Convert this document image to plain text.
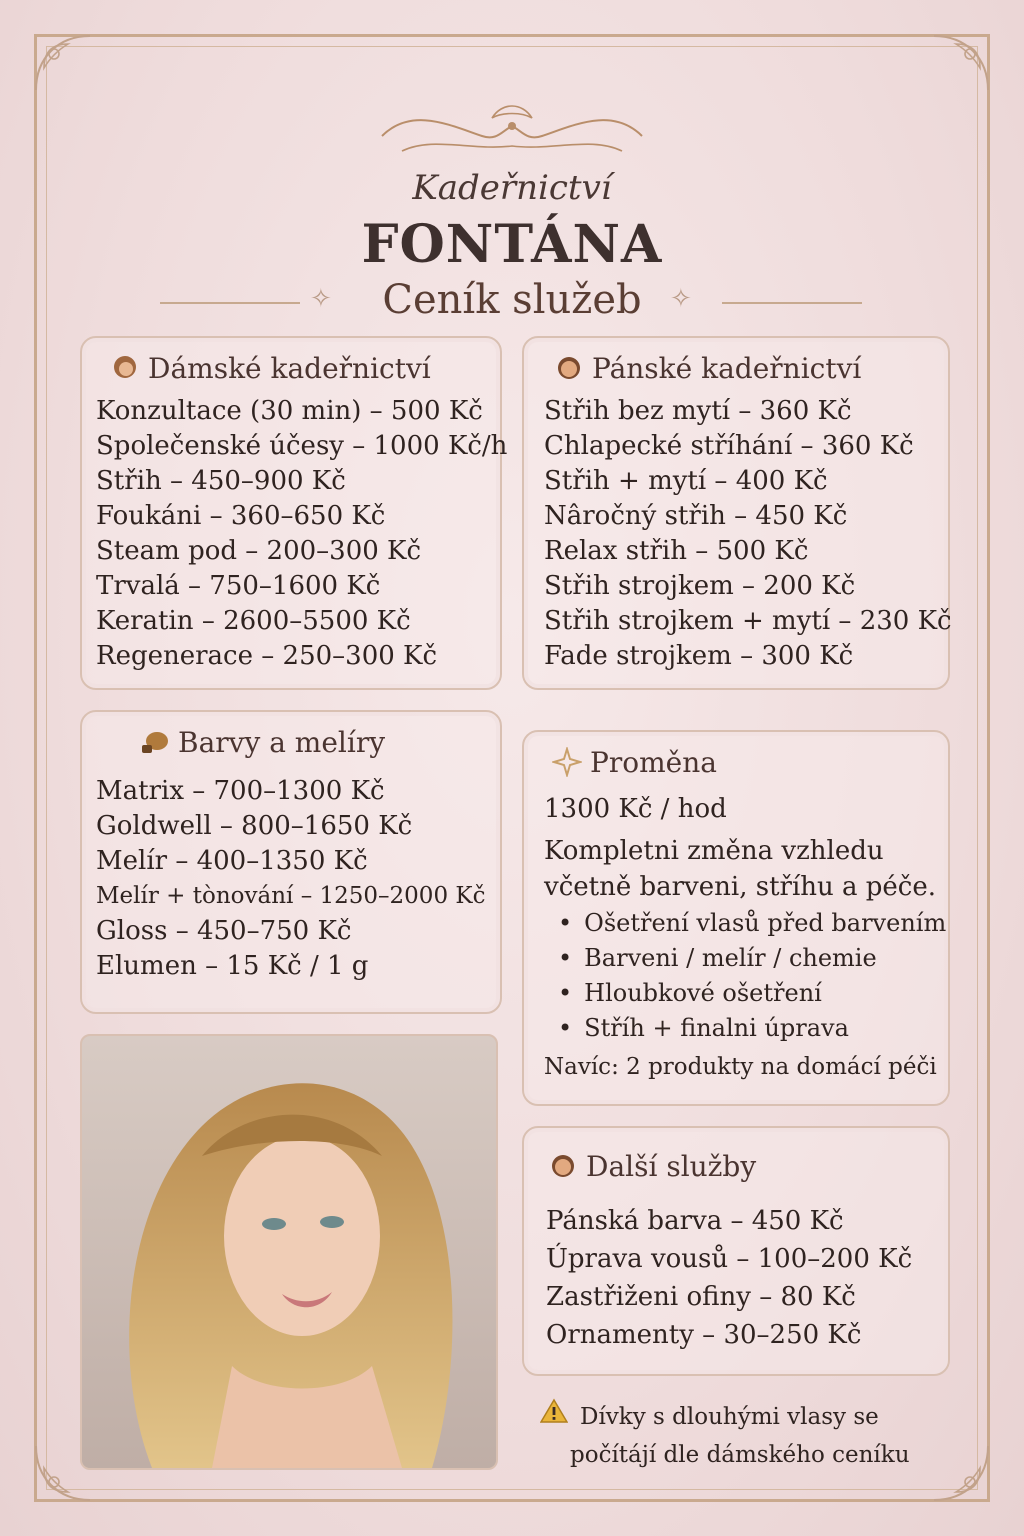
Kadeřnictví
FONTÁNA
✧	✧
Ceník služeb
Dámské kadeřnictví
Konzultace (30 min) – 500 Kč
Společenské účesy – 1000 Kč/h
Střih – 450–900 Kč
Foukáni – 360–650 Kč
Steam pod – 200–300 Kč
Trvalá – 750–1600 Kč
Keratin – 2600–5500 Kč
Regenerace – 250–300 Kč
Pánské kadeřnictví
Střih bez mytí – 360 Kč
Chlapecké stříhání – 360 Kč
Střih + mytí – 400 Kč
Nâročný střih – 450 Kč
Relax střih – 500 Kč
Střih strojkem – 200 Kč
Střih strojkem + mytí – 230 Kč
Fade strojkem – 300 Kč
Barvy a melíry
Matrix – 700–1300 Kč
Goldwell – 800–1650 Kč
Melír – 400–1350 Kč
Melír + tònování – 1250–2000 Kč
Gloss – 450–750 Kč
Elumen – 15 Kč / 1 g
Proměna
1300 Kč / hod
Kompletni změna vzhledu
včetně barveni, stříhu a péče.
• Ošetření vlasů před barvením
• Barveni / melír / chemie
• Hloubkové ošetření
• Stříh + finalni úprava
Navíc: 2 produkty na domácí péči
Další služby
Pánská barva – 450 Kč
Úprava vousů – 100–200 Kč
Zastřiženi ofiny – 80 Kč
Ornamenty – 30–250 Kč
Dívky s dlouhými vlasy se
počítájí dle dámského ceníku
